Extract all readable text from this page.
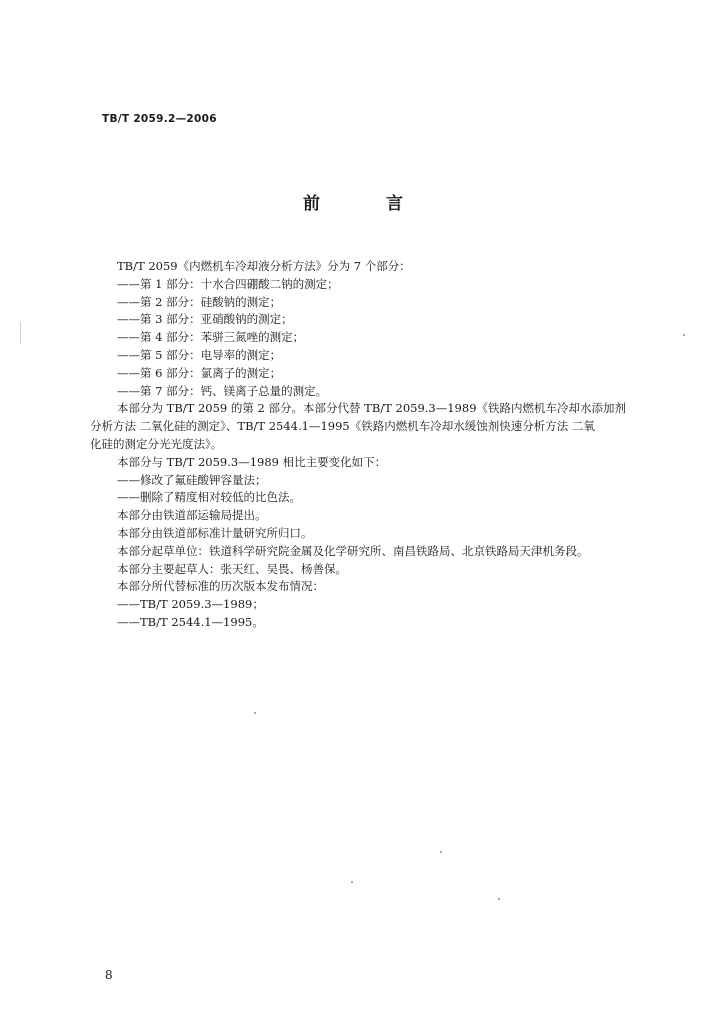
TB/T 2059.2—2006
前 言
TB/T 2059《内燃机车冷却液分析方法》分为 7 个部分：
——第 1 部分：十水合四硼酸二钠的测定；
——第 2 部分：硅酸钠的测定；
——第 3 部分：亚硝酸钠的测定；
——第 4 部分：苯骈三氮唑的测定；
——第 5 部分：电导率的测定；
——第 6 部分：氯离子的测定；
——第 7 部分：钙、镁离子总量的测定。
本部分为 TB/T 2059 的第 2 部分。本部分代替 TB/T 2059.3—1989《铁路内燃机车冷却水添加剂
分析方法 二氧化硅的测定》、TB/T 2544.1—1995《铁路内燃机车冷却水缓蚀剂快速分析方法 二氧
化硅的测定分光光度法》。
本部分与 TB/T 2059.3—1989 相比主要变化如下：
——修改了氟硅酸钾容量法；
——删除了精度相对较低的比色法。
本部分由铁道部运输局提出。
本部分由铁道部标准计量研究所归口。
本部分起草单位：铁道科学研究院金属及化学研究所、南昌铁路局、北京铁路局天津机务段。
本部分主要起草人：张天红、吴畏、杨善保。
本部分所代替标准的历次版本发布情况：
——TB/T 2059.3—1989；
——TB/T 2544.1—1995。
8
